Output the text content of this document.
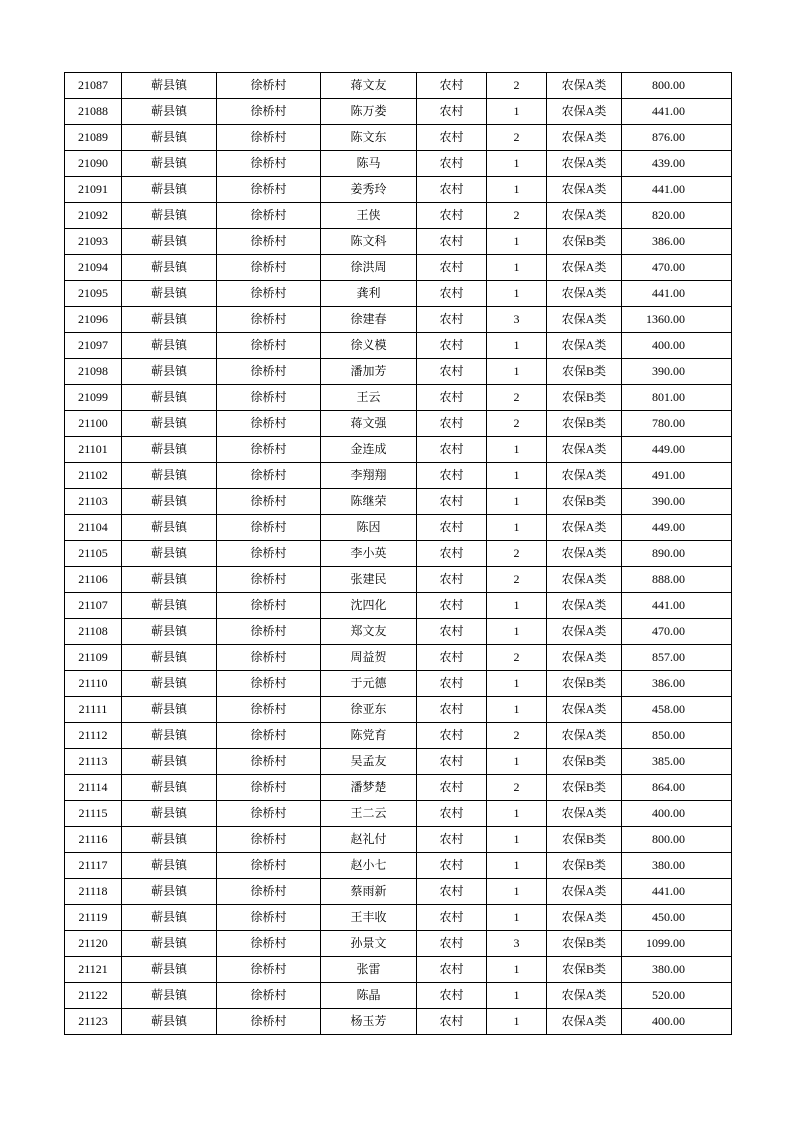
21087	蕲县镇	徐桥村	蒋文友	农村	2	农保A类	800.00
21088	蕲县镇	徐桥村	陈万娄	农村	1	农保A类	441.00
21089	蕲县镇	徐桥村	陈文东	农村	2	农保A类	876.00
21090	蕲县镇	徐桥村	陈马	农村	1	农保A类	439.00
21091	蕲县镇	徐桥村	姜秀玲	农村	1	农保A类	441.00
21092	蕲县镇	徐桥村	王侠	农村	2	农保A类	820.00
21093	蕲县镇	徐桥村	陈文科	农村	1	农保B类	386.00
21094	蕲县镇	徐桥村	徐洪周	农村	1	农保A类	470.00
21095	蕲县镇	徐桥村	龚利	农村	1	农保A类	441.00
21096	蕲县镇	徐桥村	徐建春	农村	3	农保A类	1360.00
21097	蕲县镇	徐桥村	徐义模	农村	1	农保A类	400.00
21098	蕲县镇	徐桥村	潘加芳	农村	1	农保B类	390.00
21099	蕲县镇	徐桥村	王云	农村	2	农保B类	801.00
21100	蕲县镇	徐桥村	蒋文强	农村	2	农保B类	780.00
21101	蕲县镇	徐桥村	金连成	农村	1	农保A类	449.00
21102	蕲县镇	徐桥村	李翔翔	农村	1	农保A类	491.00
21103	蕲县镇	徐桥村	陈继荣	农村	1	农保B类	390.00
21104	蕲县镇	徐桥村	陈因	农村	1	农保A类	449.00
21105	蕲县镇	徐桥村	李小英	农村	2	农保A类	890.00
21106	蕲县镇	徐桥村	张建民	农村	2	农保A类	888.00
21107	蕲县镇	徐桥村	沈四化	农村	1	农保A类	441.00
21108	蕲县镇	徐桥村	郑文友	农村	1	农保A类	470.00
21109	蕲县镇	徐桥村	周益贺	农村	2	农保A类	857.00
21110	蕲县镇	徐桥村	于元德	农村	1	农保B类	386.00
21111	蕲县镇	徐桥村	徐亚东	农村	1	农保A类	458.00
21112	蕲县镇	徐桥村	陈党育	农村	2	农保A类	850.00
21113	蕲县镇	徐桥村	吴孟友	农村	1	农保B类	385.00
21114	蕲县镇	徐桥村	潘梦楚	农村	2	农保B类	864.00
21115	蕲县镇	徐桥村	王二云	农村	1	农保A类	400.00
21116	蕲县镇	徐桥村	赵礼付	农村	1	农保B类	800.00
21117	蕲县镇	徐桥村	赵小七	农村	1	农保B类	380.00
21118	蕲县镇	徐桥村	蔡雨新	农村	1	农保A类	441.00
21119	蕲县镇	徐桥村	王丰收	农村	1	农保A类	450.00
21120	蕲县镇	徐桥村	孙景文	农村	3	农保B类	1099.00
21121	蕲县镇	徐桥村	张雷	农村	1	农保B类	380.00
21122	蕲县镇	徐桥村	陈晶	农村	1	农保A类	520.00
21123	蕲县镇	徐桥村	杨玉芳	农村	1	农保A类	400.00
